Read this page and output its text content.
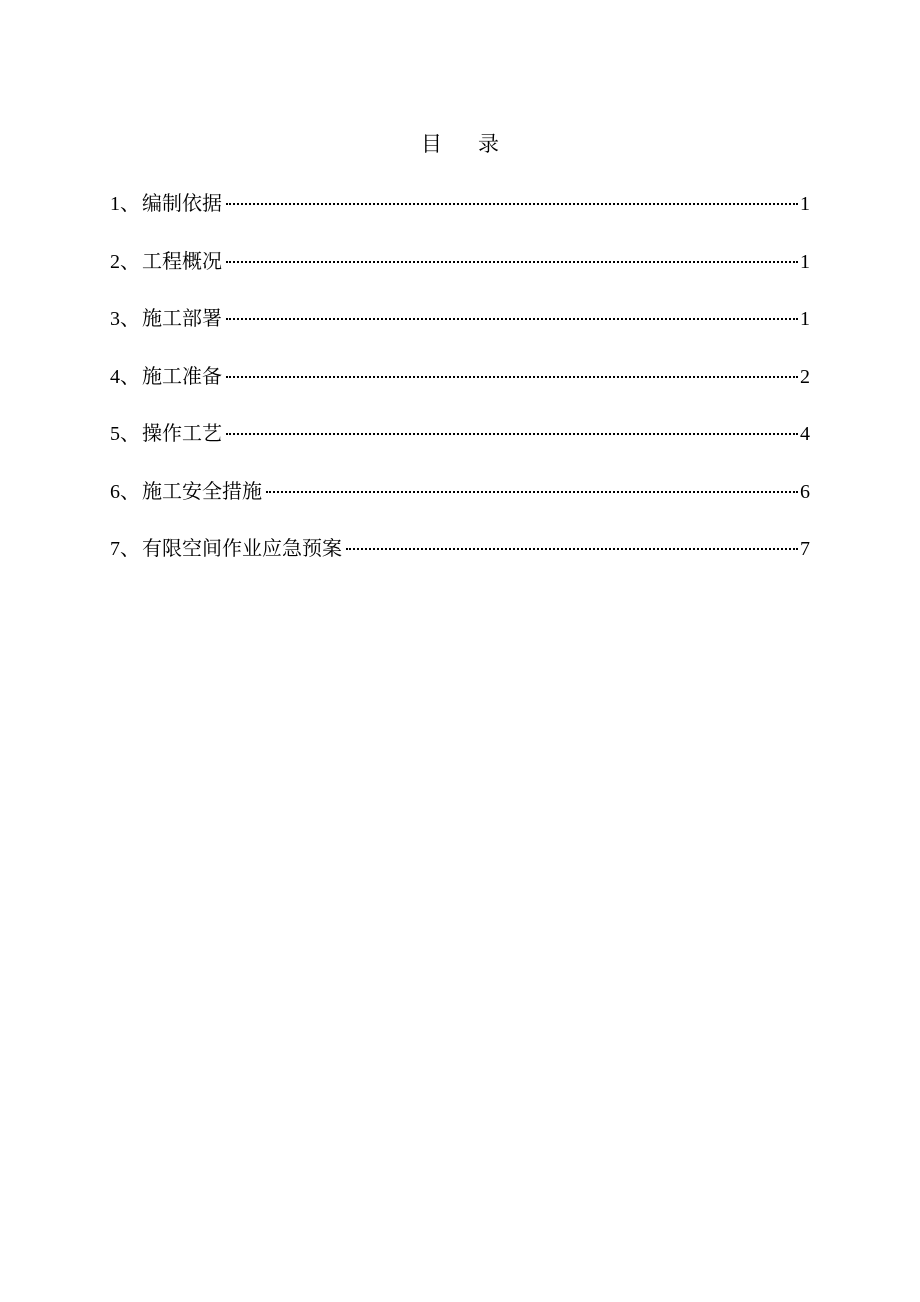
目 录
1 、 编制依据	1
2 、 工程概况	1
3 、 施工部署	1
4 、 施工准备	2
5 、 操作工艺	4
6 、 施工安全措施	6
7 、 有限空间作业应急预案	7
